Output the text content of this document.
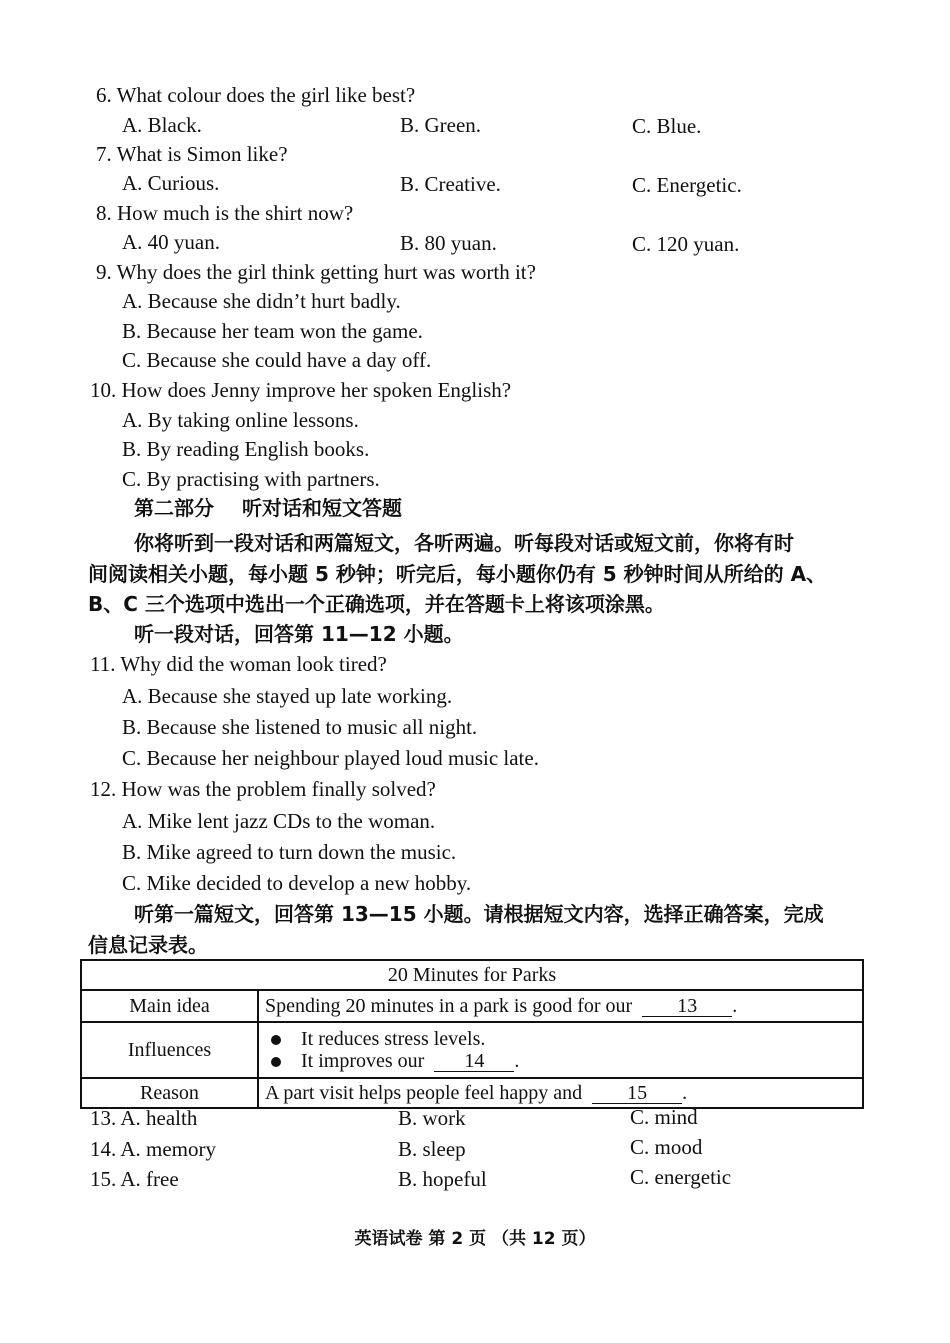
6. What colour does the girl like best?
A. Black.	B. Green.	C. Blue.
7. What is Simon like?
A. Curious.	B. Creative.	C. Energetic.
8. How much is the shirt now?
A. 40 yuan.	B. 80 yuan.	C. 120 yuan.
9. Why does the girl think getting hurt was worth it?
A. Because she didn’t hurt badly.
B. Because her team won the game.
C. Because she could have a day off.
10. How does Jenny improve her spoken English?
A. By taking online lessons.
B. By reading English books.
C. By practising with partners.
第二部分 听对话和短文答题
你将听到一段对话和两篇短文，各听两遍。听每段对话或短文前，你将有时
间阅读相关小题，每小题 5 秒钟；听完后，每小题你仍有 5 秒钟时间从所给的 A、
B、C 三个选项中选出一个正确选项，并在答题卡上将该项涂黑。
听一段对话，回答第 11—12 小题。
11. Why did the woman look tired?
A. Because she stayed up late working.
B. Because she listened to music all night.
C. Because her neighbour played loud music late.
12. How was the problem finally solved?
A. Mike lent jazz CDs to the woman.
B. Mike agreed to turn down the music.
C. Mike decided to develop a new hobby.
听第一篇短文，回答第 13—15 小题。请根据短文内容，选择正确答案，完成
信息记录表。
20 Minutes for Parks	
Main idea	Spending 20 minutes in a park is good for our 13 .
Influences	It reduces stress levels.
It improves our 14 .

Reason	A part visit helps people feel happy and 15 .
13. A. health	B. work	C. mind
14. A. memory	B. sleep	C. mood
15. A. free	B. hopeful	C. energetic
英语试卷 第 2 页 （共 12 页）
